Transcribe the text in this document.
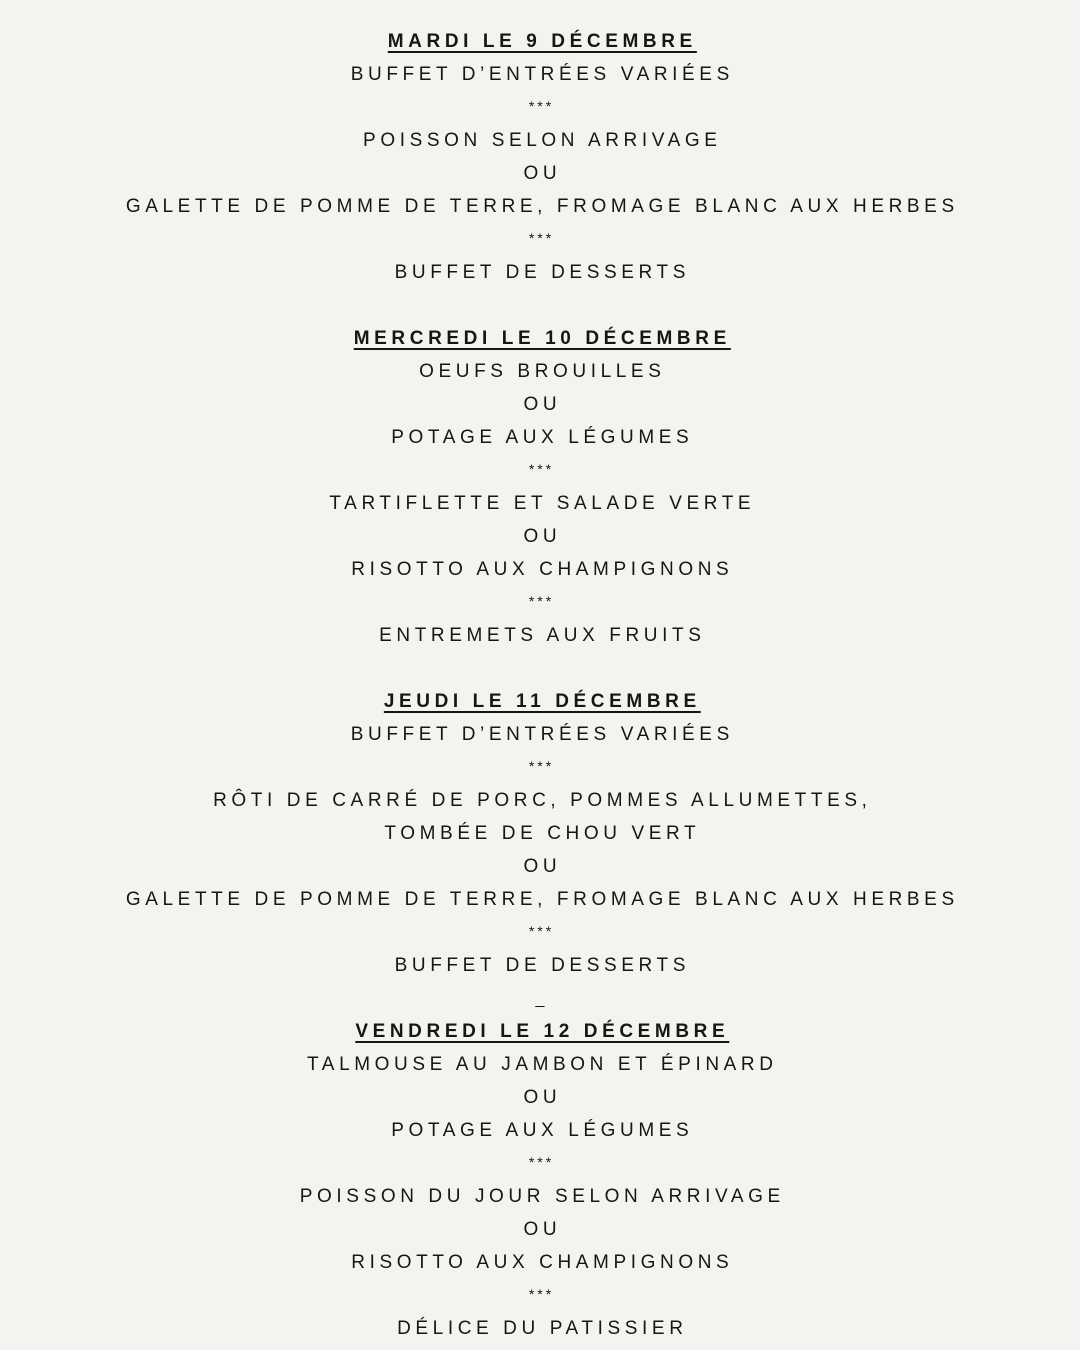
MARDI LE 9 DÉCEMBRE
BUFFET D’ENTRÉES VARIÉES
***
POISSON SELON ARRIVAGE
OU
GALETTE DE POMME DE TERRE, FROMAGE BLANC AUX HERBES
***
BUFFET DE DESSERTS
MERCREDI LE 10 DÉCEMBRE
OEUFS BROUILLES
OU
POTAGE AUX LÉGUMES
***
TARTIFLETTE ET SALADE VERTE
OU
RISOTTO AUX CHAMPIGNONS
***
ENTREMETS AUX FRUITS
JEUDI LE 11 DÉCEMBRE
BUFFET D’ENTRÉES VARIÉES
***
RÔTI DE CARRÉ DE PORC, POMMES ALLUMETTES,
TOMBÉE DE CHOU VERT
OU
GALETTE DE POMME DE TERRE, FROMAGE BLANC AUX HERBES
***
BUFFET DE DESSERTS
_
VENDREDI LE 12 DÉCEMBRE
TALMOUSE AU JAMBON ET ÉPINARD
OU
POTAGE AUX LÉGUMES
***
POISSON DU JOUR SELON ARRIVAGE
OU
RISOTTO AUX CHAMPIGNONS
***
DÉLICE DU PATISSIER
